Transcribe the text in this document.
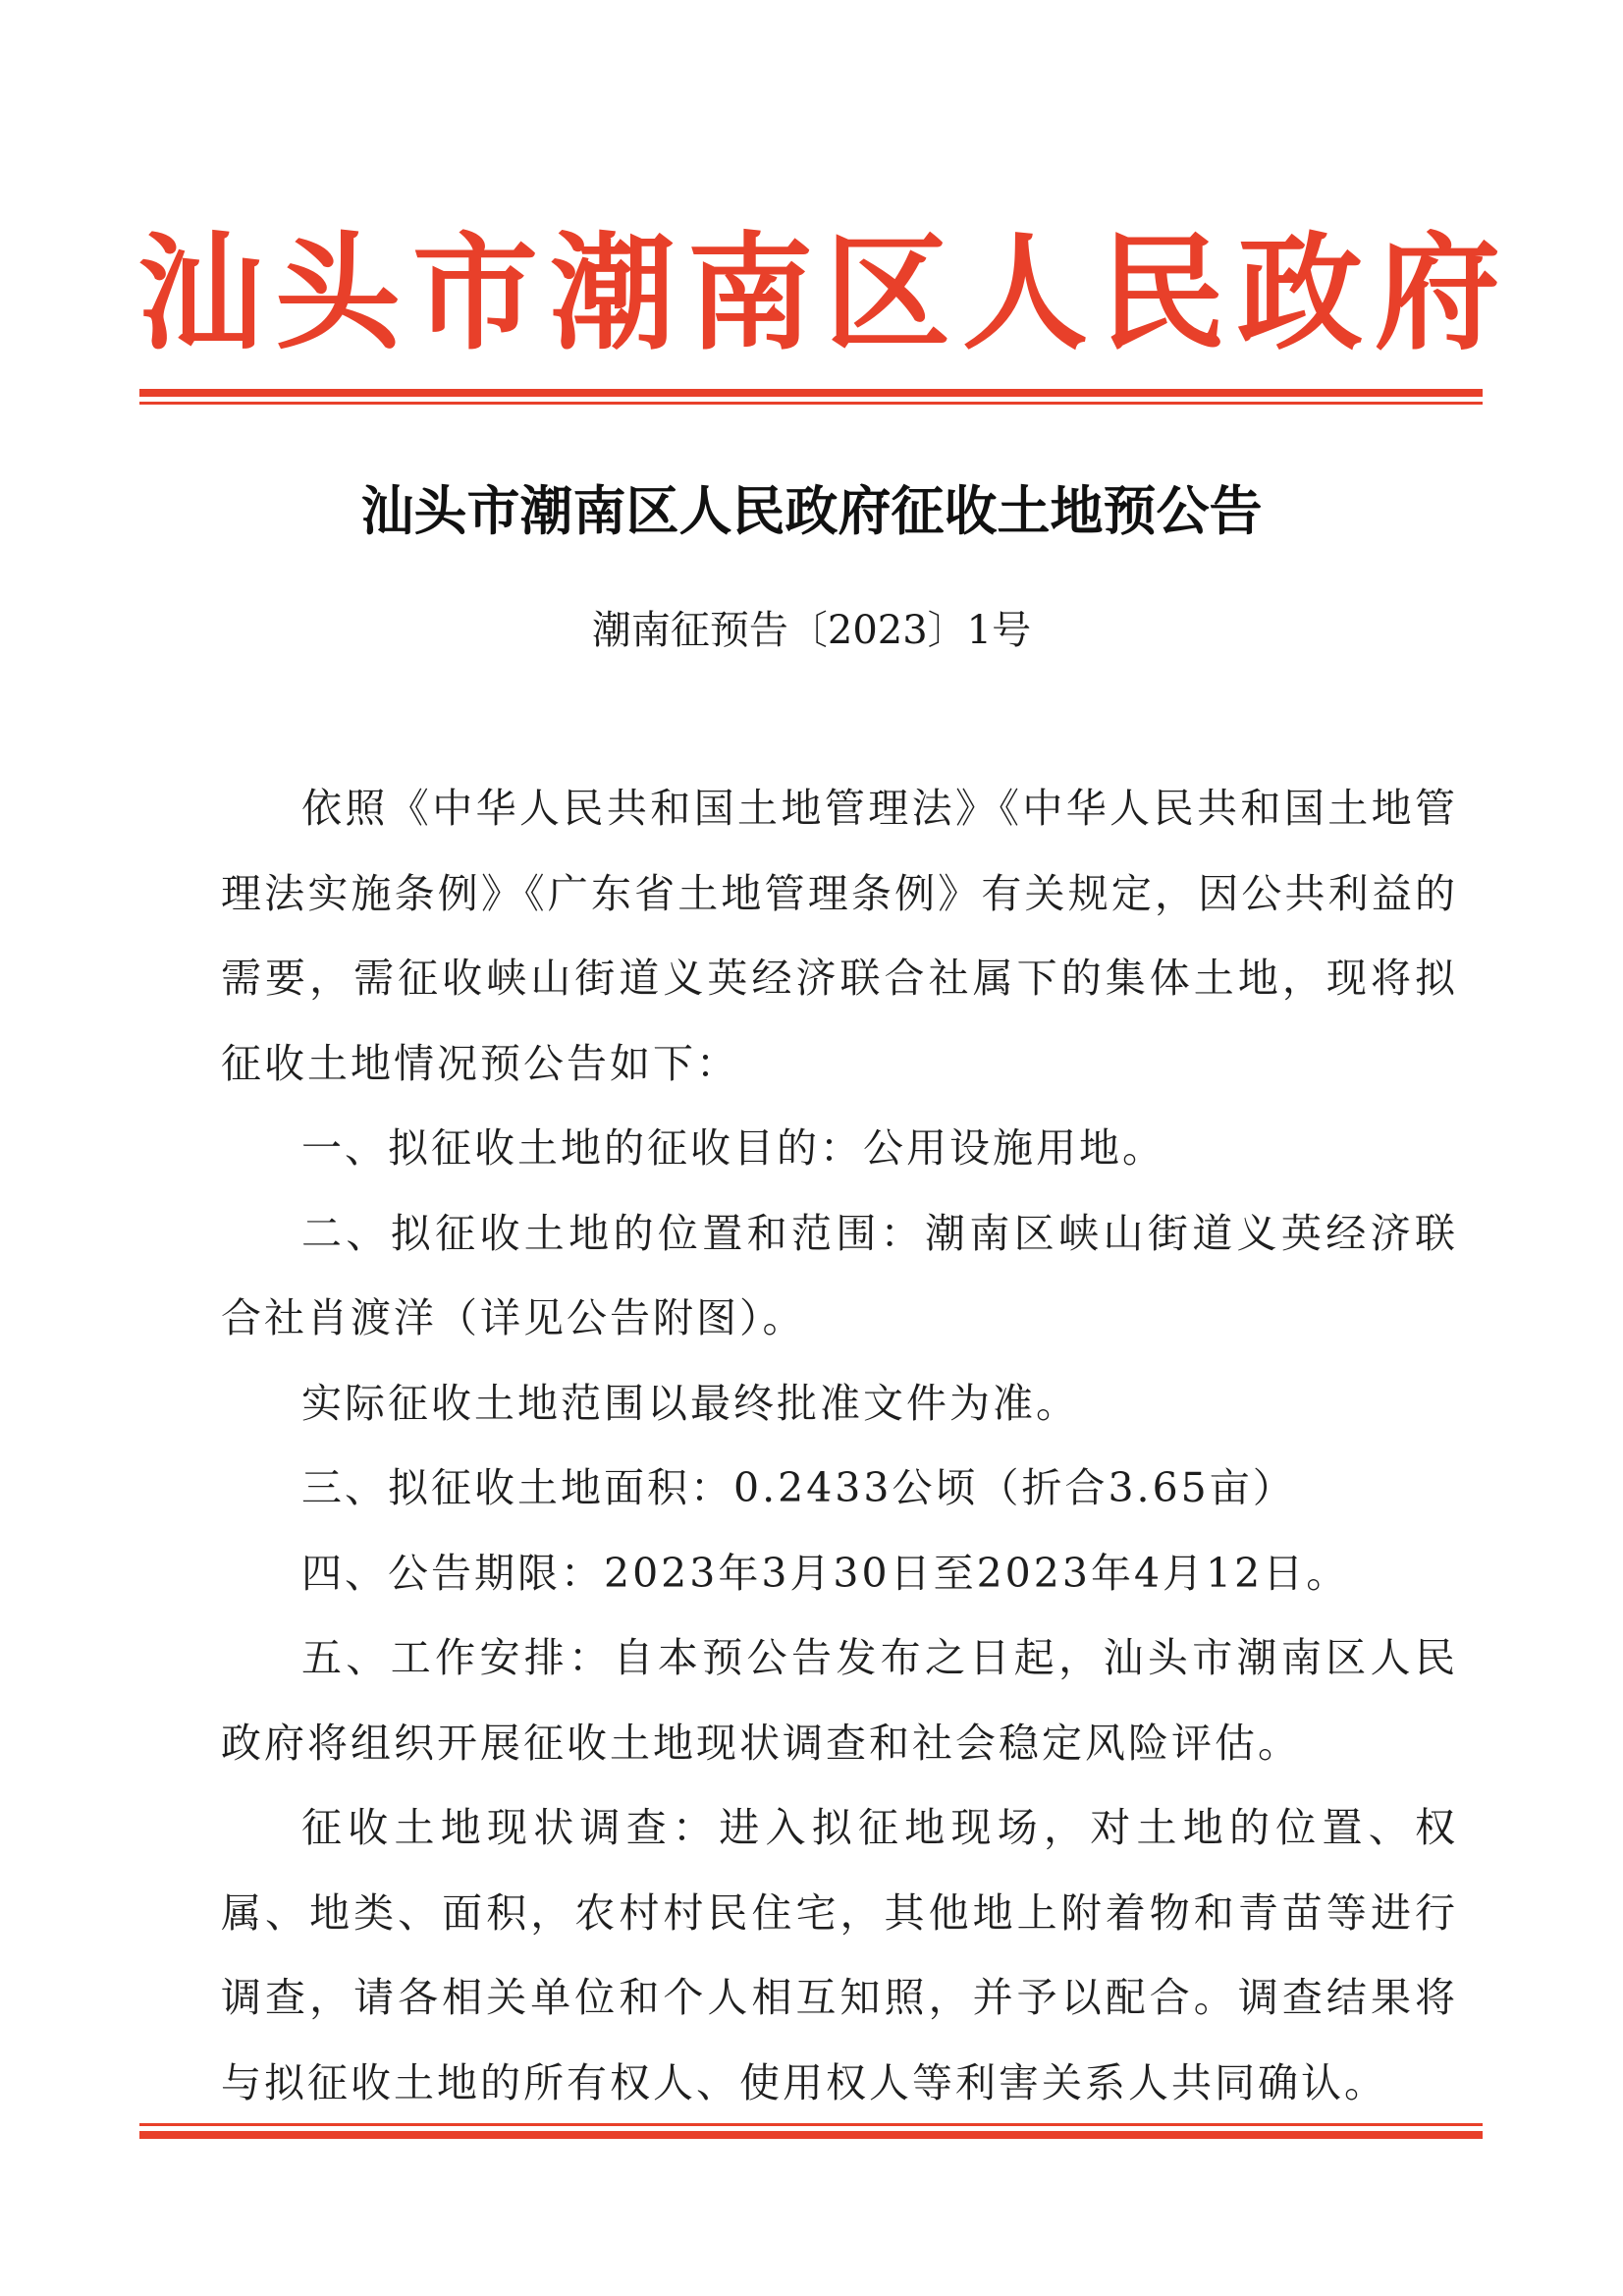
汕头市潮南区人民政府
汕头市潮南区人民政府征收土地预公告
潮南征预告〔2023〕1号

依照《中华人民共和国土地管理法》《中华人民共和国土地管理法实施条例》《广东省土地管理条例》有关规定，因公共利益的需要，需征收峡山街道义英经济联合社属下的集体土地，现将拟征收土地情况预公告如下：

一、拟征收土地的征收目的：公用设施用地。

二、拟征收土地的位置和范围：潮南区峡山街道义英经济联合社肖渡洋（详见公告附图）。

实际征收土地范围以最终批准文件为准。

三、拟征收土地面积：0.2433公顷（折合3.65亩）

四、公告期限：2023年3月30日至2023年4月12日。

五、工作安排：自本预公告发布之日起，汕头市潮南区人民政府将组织开展征收土地现状调查和社会稳定风险评估。

征收土地现状调查：进入拟征地现场，对土地的位置、权属、地类、面积，农村村民住宅，其他地上附着物和青苗等进行调查，请各相关单位和个人相互知照，并予以配合。调查结果将与拟征收土地的所有权人、使用权人等利害关系人共同确认。
